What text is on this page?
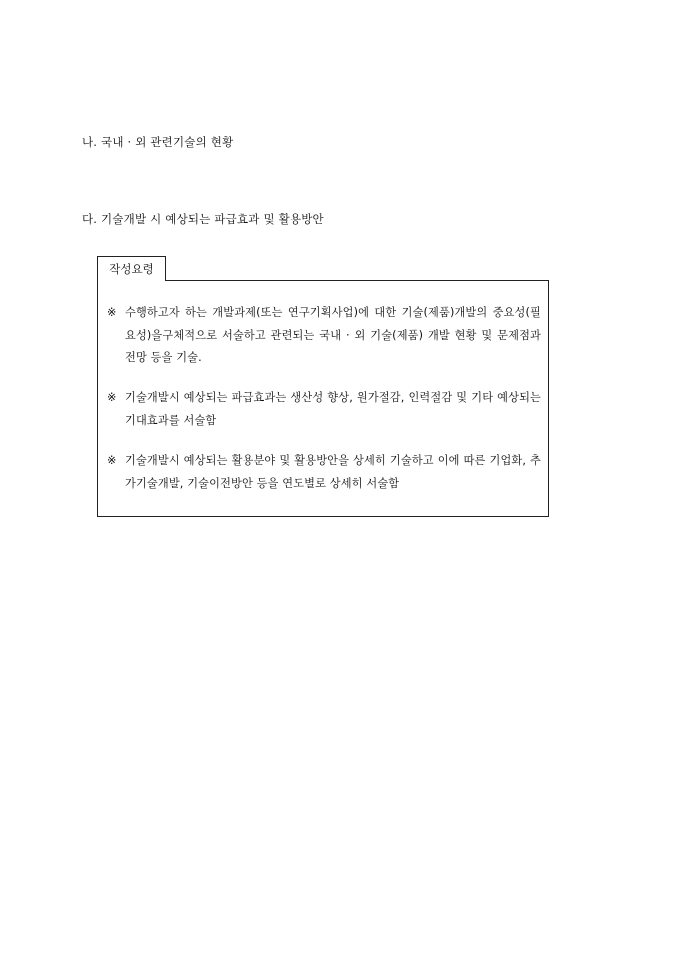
나. 국내 · 외 관련기술의 현황
다. 기술개발 시 예상되는 파급효과 및 활용방안
작성요령
※ 수행하고자 하는 개발과제(또는 연구기획사업)에 대한 기술(제품)개발의 중요성(필요성)을구체적으로 서술하고 관련되는 국내 · 외 기술(제품) 개발 현황 및 문제점과 전망 등을 기술.
※ 기술개발시 예상되는 파급효과는 생산성 향상, 원가절감, 인력절감 및 기타 예상되는 기대효과를 서술함
※ 기술개발시 예상되는 활용분야 및 활용방안을 상세히 기술하고 이에 따른 기업화, 추가기술개발, 기술이전방안 등을 연도별로 상세히 서술함
